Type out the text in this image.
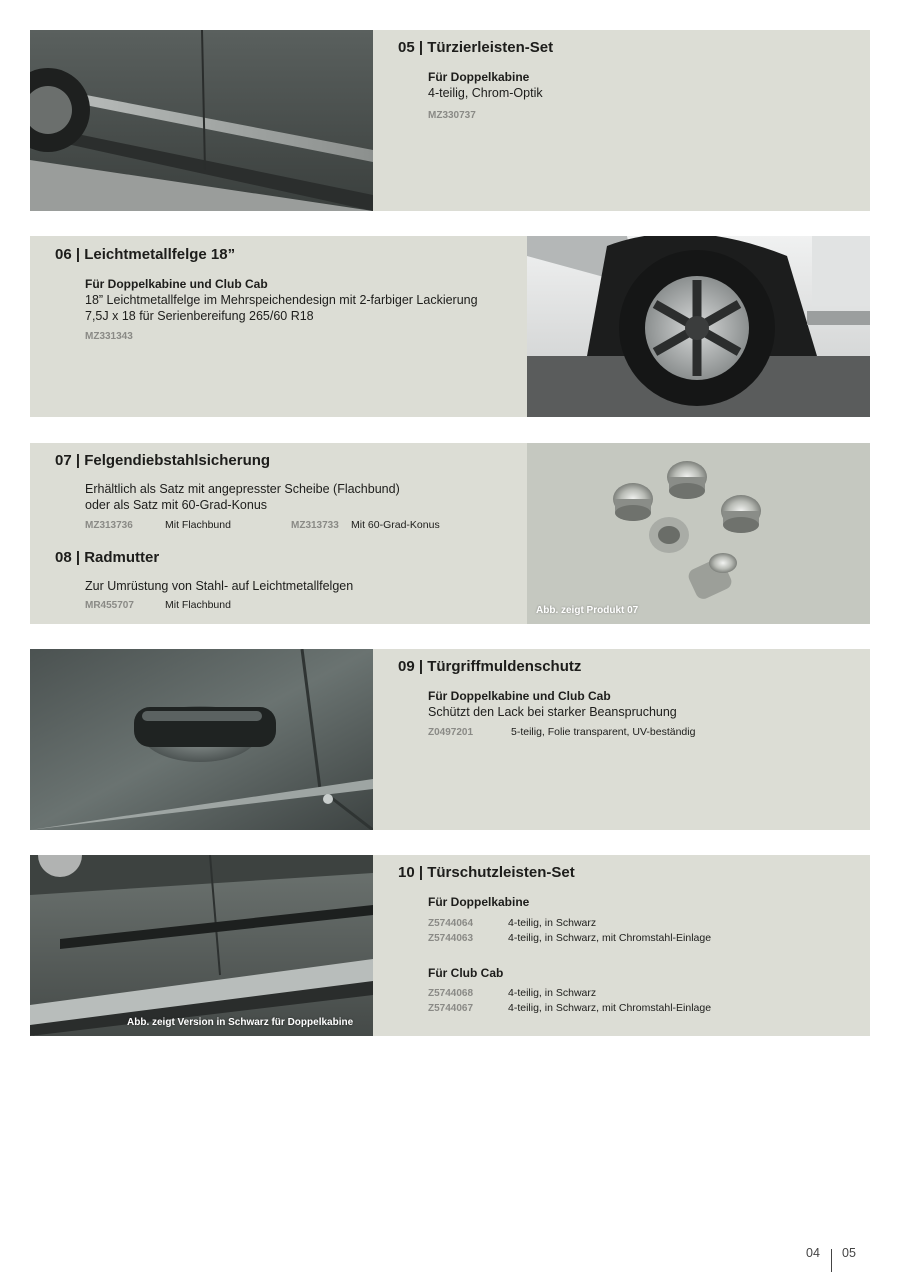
05 | Türzierleisten-Set
Für Doppelkabine
4-teilig, Chrom-Optik
MZ330737
06 | Leichtmetallfelge 18”
Für Doppelkabine und Club Cab
18” Leichtmetallfelge im Mehrspeichendesign mit 2-farbiger Lackierung
7,5J x 18 für Serienbereifung 265/60 R18
MZ331343
07 | Felgendiebstahlsicherung
Erhältlich als Satz mit angepresster Scheibe (Flachbund)
oder als Satz mit 60-Grad-Konus
MZ313736	Mit Flachbund	MZ313733 Mit 60-Grad-Konus
08 | Radmutter
Zur Umrüstung von Stahl- auf Leichtmetallfelgen
MR455707	Mit Flachbund	Abb. zeigt Produkt 07
09 | Türgriffmuldenschutz
Für Doppelkabine und Club Cab
Schützt den Lack bei starker Beanspruchung
Z0497201	5-teilig, Folie transparent, UV-beständig
Abb. zeigt Version in Schwarz für Doppelkabine
10 | Türschutzleisten-Set
Für Doppelkabine
Z5744064	4-teilig, in Schwarz
Z5744063	4-teilig, in Schwarz, mit Chromstahl-Einlage
Für Club Cab
Z5744068	4-teilig, in Schwarz
Z5744067	4-teilig, in Schwarz, mit Chromstahl-Einlage
04 05
